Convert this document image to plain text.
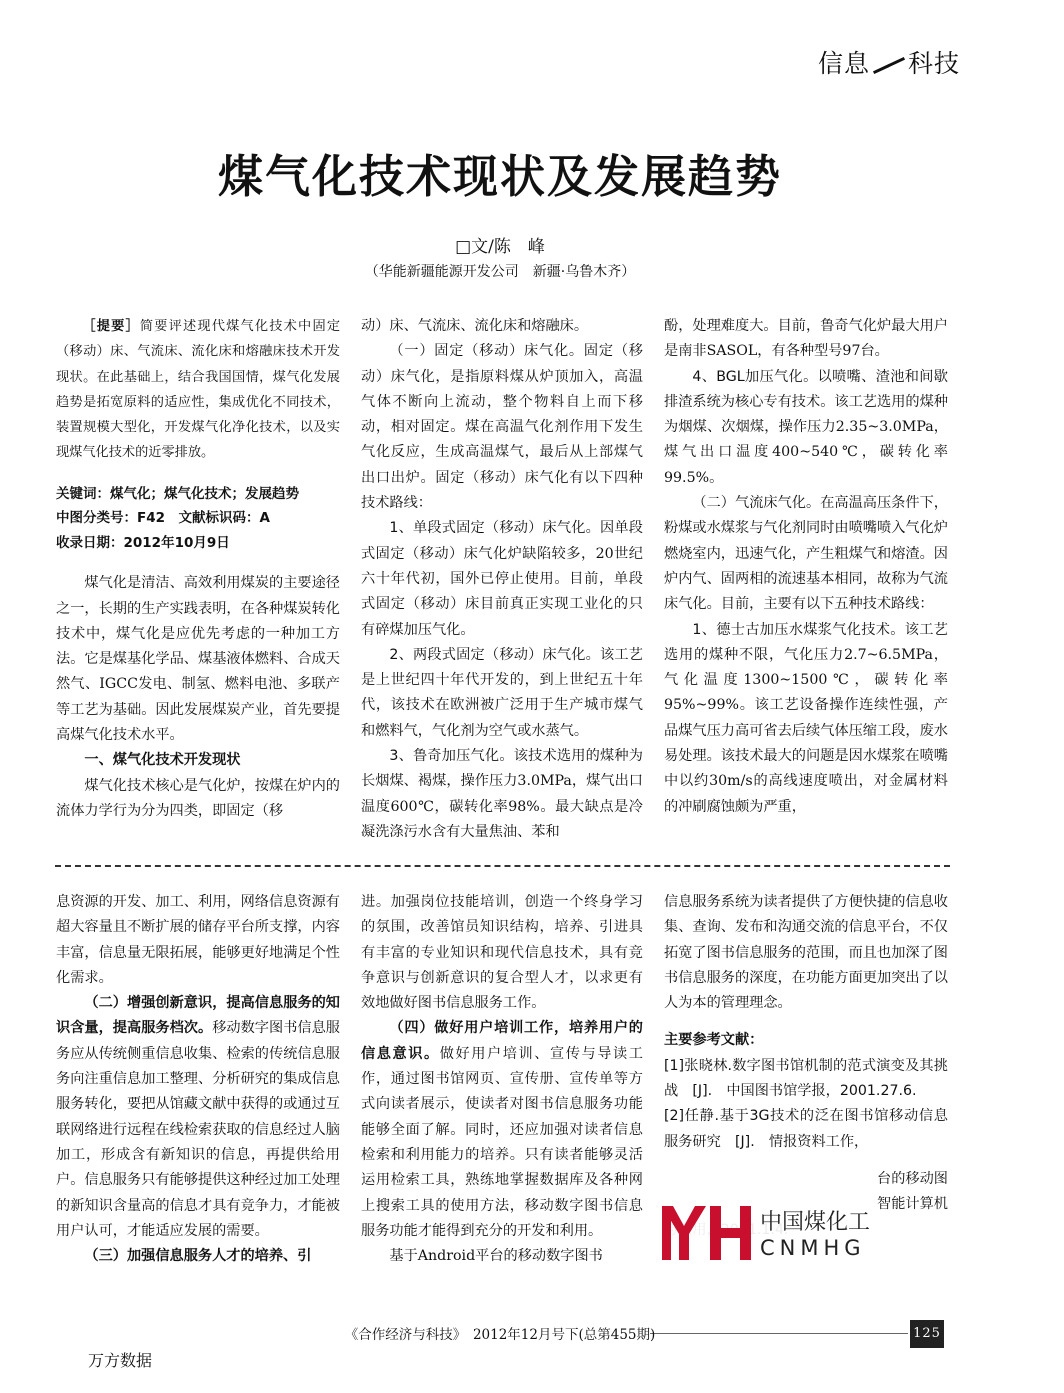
信息 科技
煤气化技术现状及发展趋势
□文/陈　峰
（华能新疆能源开发公司　新疆·乌鲁木齐）

［提要］简要评述现代煤气化技术中固定（移动）床、气流床、流化床和熔融床技术开发现状。在此基础上，结合我国国情，煤气化发展趋势是拓宽原料的适应性，集成优化不同技术，装置规模大型化，开发煤气化净化技术，以及实现煤气化技术的近零排放。

关键词：煤气化；煤气化技术；发展趋势
中图分类号：F42　文献标识码：A
收录日期：2012年10月9日

煤气化是清洁、高效利用煤炭的主要途径之一，长期的生产实践表明，在各种煤炭转化技术中，煤气化是应优先考虑的一种加工方法。它是煤基化学品、煤基液体燃料、合成天然气、IGCC发电、制氢、燃料电池、多联产等工艺为基础。因此发展煤炭产业，首先要提高煤气化技术水平。

一、煤气化技术开发现状

煤气化技术核心是气化炉，按煤在炉内的流体力学行为分为四类，即固定（移

动）床、气流床、流化床和熔融床。

（一）固定（移动）床气化。固定（移动）床气化，是指原料煤从炉顶加入，高温气体不断向上流动，整个物料自上而下移动，相对固定。煤在高温气化剂作用下发生气化反应，生成高温煤气，最后从上部煤气出口出炉。固定（移动）床气化有以下四种技术路线：

1、单段式固定（移动）床气化。因单段式固定（移动）床气化炉缺陷较多，20世纪六十年代初，国外已停止使用。目前，单段式固定（移动）床目前真正实现工业化的只有碎煤加压气化。

2、两段式固定（移动）床气化。该工艺是上世纪四十年代开发的，到上世纪五十年代，该技术在欧洲被广泛用于生产城市煤气和燃料气，气化剂为空气或水蒸气。

3、鲁奇加压气化。该技术选用的煤种为长烟煤、褐煤，操作压力3.0MPa，煤气出口温度600℃，碳转化率98%。最大缺点是冷凝洗涤污水含有大量焦油、苯和

酚，处理难度大。目前，鲁奇气化炉最大用户是南非SASOL，有各种型号97台。

4、BGL加压气化。以喷嘴、渣池和间歇排渣系统为核心专有技术。该工艺选用的煤种为烟煤、次烟煤，操作压力2.35~3.0MPa，煤气出口温度400~540℃，碳转化率99.5%。

（二）气流床气化。在高温高压条件下，粉煤或水煤浆与气化剂同时由喷嘴喷入气化炉燃烧室内，迅速气化，产生粗煤气和熔渣。因炉内气、固两相的流速基本相同，故称为气流床气化。目前，主要有以下五种技术路线：

1、德士古加压水煤浆气化技术。该工艺选用的煤种不限，气化压力2.7~6.5MPa，气化温度1300~1500℃，碳转化率95%~99%。该工艺设备操作连续性强，产品煤气压力高可省去后续气体压缩工段，废水易处理。该技术最大的问题是因水煤浆在喷嘴中以约30m/s的高线速度喷出，对金属材料的冲刷腐蚀颇为严重，

息资源的开发、加工、利用，网络信息资源有超大容量且不断扩展的储存平台所支撑，内容丰富，信息量无限拓展，能够更好地满足个性化需求。

（二）增强创新意识，提高信息服务的知识含量，提高服务档次。移动数字图书信息服务应从传统侧重信息收集、检索的传统信息服务向注重信息加工整理、分析研究的集成信息服务转化，要把从馆藏文献中获得的或通过互联网络进行远程在线检索获取的信息经过人脑加工，形成含有新知识的信息，再提供给用户。信息服务只有能够提供这种经过加工处理的新知识含量高的信息才具有竞争力，才能被用户认可，才能适应发展的需要。

（三）加强信息服务人才的培养、引

进。加强岗位技能培训，创造一个终身学习的氛围，改善馆员知识结构，培养、引进具有丰富的专业知识和现代信息技术，具有竞争意识与创新意识的复合型人才，以求更有效地做好图书信息服务工作。

（四）做好用户培训工作，培养用户的信息意识。做好用户培训、宣传与导读工作，通过图书馆网页、宣传册、宣传单等方式向读者展示，使读者对图书信息服务功能能够全面了解。同时，还应加强对读者信息检索和利用能力的培养。只有读者能够灵活运用检索工具，熟练地掌握数据库及各种网上搜索工具的使用方法，移动数字图书信息服务功能才能得到充分的开发和利用。

基于Android平台的移动数字图书

信息服务系统为读者提供了方便快捷的信息收集、查询、发布和沟通交流的信息平台，不仅拓宽了图书信息服务的范围，而且也加深了图书信息服务的深度，在功能方面更加突出了以人为本的管理理念。

主要参考文献：

[1]张晓林.数字图书馆机制的范式演变及其挑战　[J].　中国图书馆学报，2001.27.6.

[2]任静.基于3G技术的泛在图书馆移动信息服务研究　[J].　情报资料工作，

台的移动图

智能计算机

中国煤化工
CNMHG
《合作经济与科技》　2012年12月号下(总第455期)	125
万方数据
